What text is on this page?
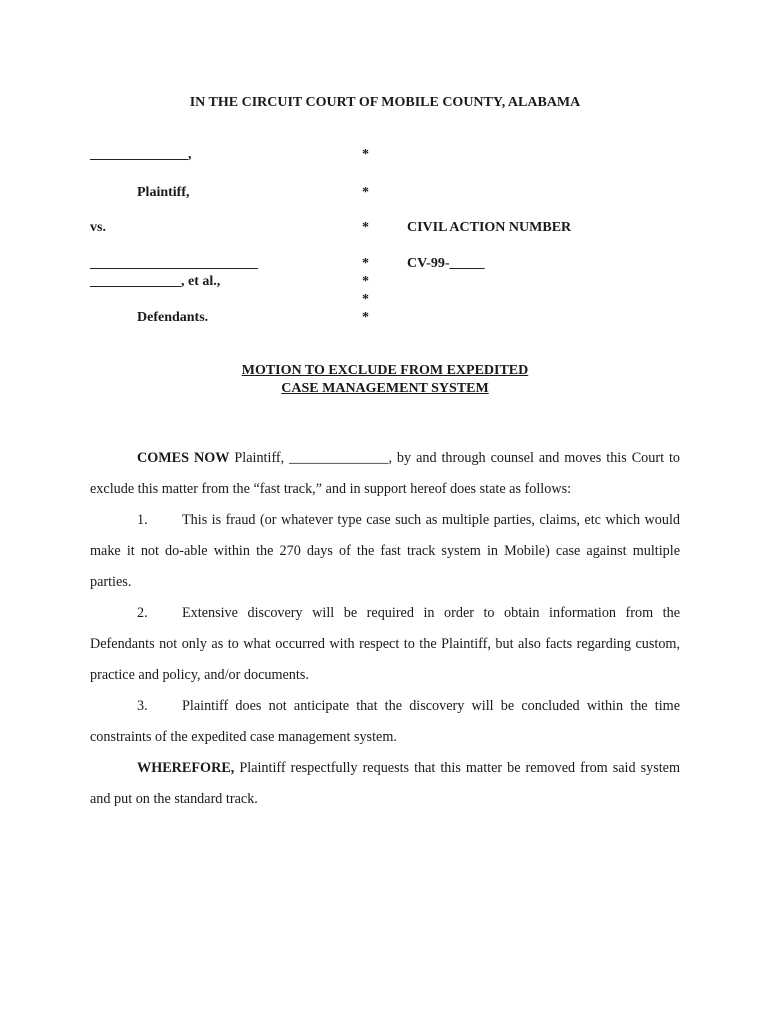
IN THE CIRCUIT COURT OF MOBILE COUNTY, ALABAMA
______________,
Plaintiff,
vs.
________________________
_____________, et al.,
Defendants.
*
*
*
*
*
*
*
CIVIL ACTION NUMBER
CV-99-_____
MOTION TO EXCLUDE FROM EXPEDITED
CASE MANAGEMENT SYSTEM

COMES NOW Plaintiff, ______________, by and through counsel and moves this Court to exclude this matter from the “fast track,” and in support hereof does state as follows:

1. This is fraud (or whatever type case such as multiple parties, claims, etc which would make it not do-able within the 270 days of the fast track system in Mobile) case against multiple parties.

2. Extensive discovery will be required in order to obtain information from the Defendants not only as to what occurred with respect to the Plaintiff, but also facts regarding custom, practice and policy, and/or documents.

3. Plaintiff does not anticipate that the discovery will be concluded within the time constraints of the expedited case management system.

WHEREFORE, Plaintiff respectfully requests that this matter be removed from said system and put on the standard track.
